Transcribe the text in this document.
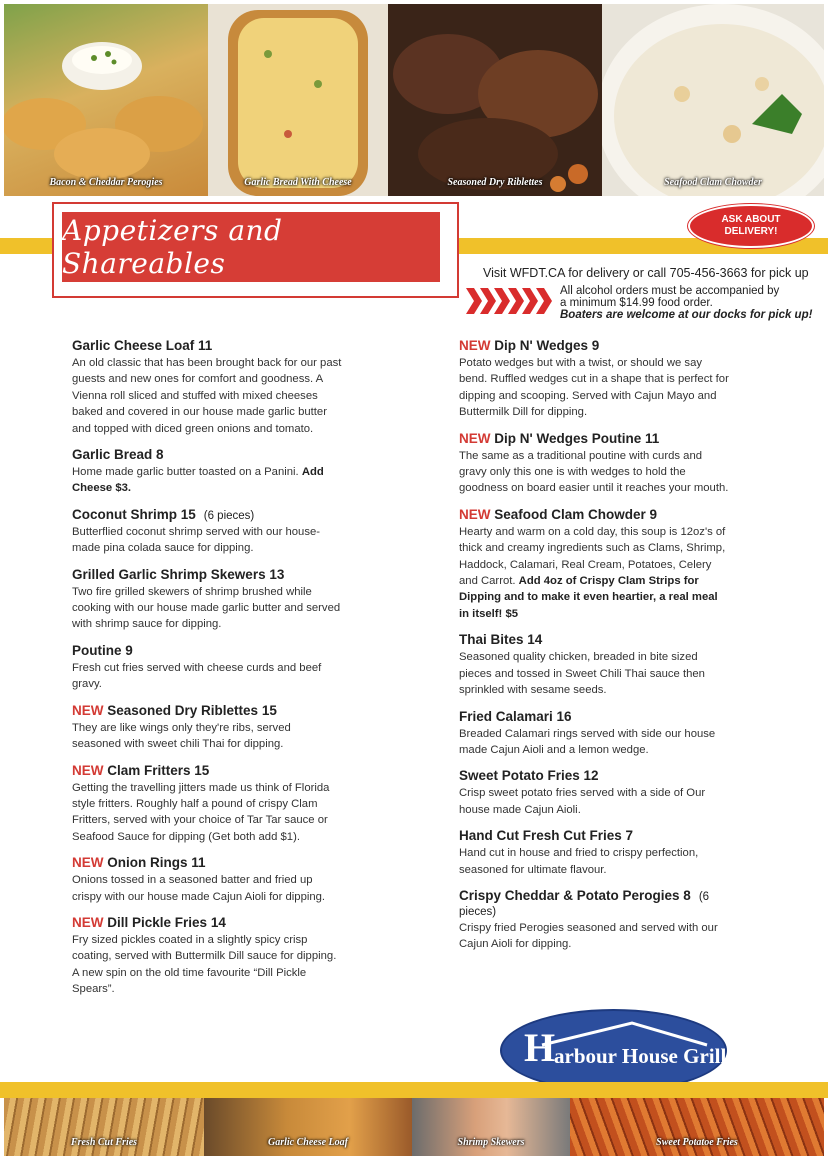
Bacon & Cheddar Perogies	Garlic Bread With Cheese	Seasoned Dry Riblettes	Seafood Clam Chowder
Appetizers and Shareables
ASK ABOUT
DELIVERY!
Visit WFDT.CA for delivery or call 705-456-3663 for pick up
All alcohol orders must be accompanied by
a minimum $14.99 food order.
Boaters are welcome at our docks for pick up!
Garlic Cheese Loaf 11

An old classic that has been brought back for our past guests and new ones for comfort and goodness. A Vienna roll sliced and stuffed with mixed cheeses baked and covered in our house made garlic butter and topped with diced green onions and tomato.

Garlic Bread 8

Home made garlic butter toasted on a Panini. Add Cheese $3.

Coconut Shrimp 15 (6 pieces)

Butterflied coconut shrimp served with our house-made pina colada sauce for dipping.

Grilled Garlic Shrimp Skewers 13

Two fire grilled skewers of shrimp brushed while cooking with our house made garlic butter and served with shrimp sauce for dipping.

Poutine 9

Fresh cut fries served with cheese curds and beef gravy.

NEW Seasoned Dry Riblettes 15

They are like wings only they're ribs, served seasoned with sweet chili Thai for dipping.

NEW Clam Fritters 15

Getting the travelling jitters made us think of Florida style fritters. Roughly half a pound of crispy Clam Fritters, served with your choice of Tar Tar sauce or Seafood Sauce for dipping (Get both add $1).

NEW Onion Rings 11

Onions tossed in a seasoned batter and fried up crispy with our house made Cajun Aioli for dipping.

NEW Dill Pickle Fries 14

Fry sized pickles coated in a slightly spicy crisp coating, served with Buttermilk Dill sauce for dipping. A new spin on the old time favourite “Dill Pickle Spears”.

NEW Dip N' Wedges 9

Potato wedges but with a twist, or should we say bend. Ruffled wedges cut in a shape that is perfect for dipping and scooping. Served with Cajun Mayo and Buttermilk Dill for dipping.

NEW Dip N' Wedges Poutine 11

The same as a traditional poutine with curds and gravy only this one is with wedges to hold the goodness on board easier until it reaches your mouth.

NEW Seafood Clam Chowder 9

Hearty and warm on a cold day, this soup is 12oz's of thick and creamy ingredients such as Clams, Shrimp, Haddock, Calamari, Real Cream, Potatoes, Celery and Carrot. Add 4oz of Crispy Clam Strips for Dipping and to make it even heartier, a real meal in itself! $5

Thai Bites 14

Seasoned quality chicken, breaded in bite sized pieces and tossed in Sweet Chili Thai sauce then sprinkled with sesame seeds.

Fried Calamari 16

Breaded Calamari rings served with side our house made Cajun Aioli and a lemon wedge.

Sweet Potato Fries 12

Crisp sweet potato fries served with a side of Our house made Cajun Aioli.

Hand Cut Fresh Cut Fries 7

Hand cut in house and fried to crispy perfection, seasoned for ultimate flavour.

Crispy Cheddar & Potato Perogies 8 (6 pieces)

Crispy fried Perogies seasoned and served with our Cajun Aioli for dipping.

H
arbour House Grill
Fresh Cut Fries	Garlic Cheese Loaf	Shrimp Skewers	Sweet Potatoe Fries
